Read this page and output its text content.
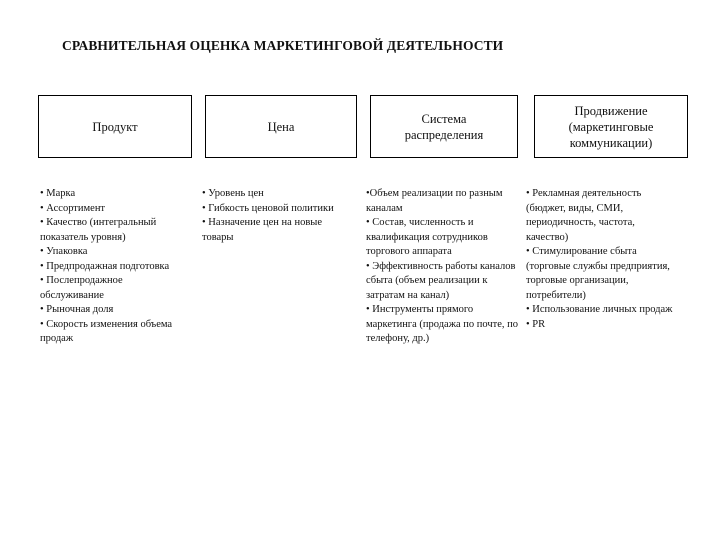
СРАВНИТЕЛЬНАЯ ОЦЕНКА МАРКЕТИНГОВОЙ ДЕЯТЕЛЬНОСТИ
Продукт	Цена
Система
распределения
Продвижение
(маркетинговые
коммуникации)
• Марка
• Ассортимент
• Качество (интегральный показатель уровня)
• Упаковка
• Предпродажная подготовка
• Послепродажное обслуживание
• Рыночная доля
• Скорость изменения объема продаж
• Уровень цен
• Гибкость ценовой политики
• Назначение цен на новые товары
•Объем реализации по разным каналам
• Состав, численность и квалификация сотрудников торгового аппарата
• Эффективность работы каналов сбыта (объем реализации к затратам на канал)
• Инструменты прямого маркетинга (продажа по почте, по телефону, др.)
• Рекламная деятельность (бюджет, виды, СМИ, периодичность, частота, качество)
• Стимулирование сбыта (торговые службы предприятия, торговые организации, потребители)
• Использование личных продаж
• PR
